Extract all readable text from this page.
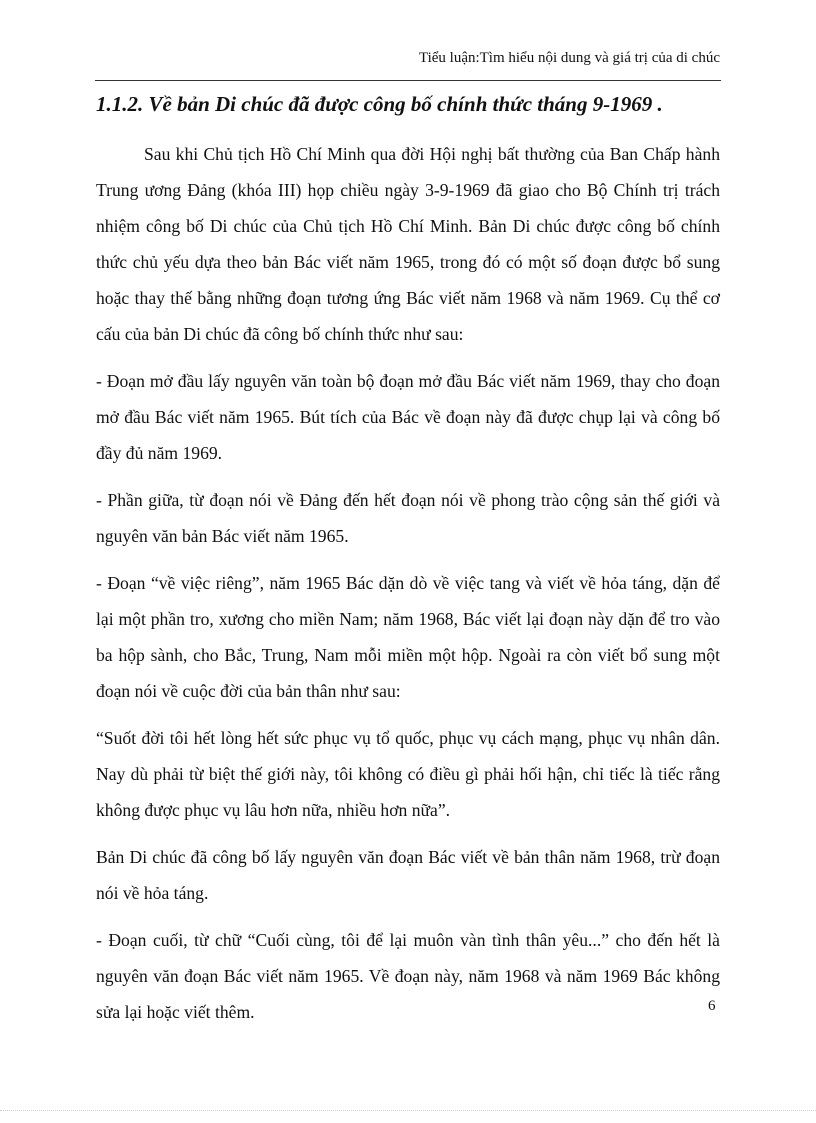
Tiểu luận:Tìm hiểu nội dung và giá trị của di chúc
1.1.2. Về bản Di chúc đã được công bố chính thức tháng 9-1969 .

Sau khi Chủ tịch Hồ Chí Minh qua đời Hội nghị bất thường của Ban Chấp hành Trung ương Đảng (khóa III) họp chiều ngày 3-9-1969 đã giao cho Bộ Chính trị trách nhiệm công bố Di chúc của Chủ tịch Hồ Chí Minh. Bản Di chúc được công bố chính thức chủ yếu dựa theo bản Bác viết năm 1965, trong đó có một số đoạn được bổ sung hoặc thay thế bằng những đoạn tương ứng Bác viết năm 1968 và năm 1969. Cụ thể cơ cấu của bản Di chúc đã công bố chính thức như sau:

- Đoạn mở đầu lấy nguyên văn toàn bộ đoạn mở đầu Bác viết năm 1969, thay cho đoạn mở đầu Bác viết năm 1965. Bút tích của Bác về đoạn này đã được chụp lại và công bố đầy đủ năm 1969.

- Phần giữa, từ đoạn nói về Đảng đến hết đoạn nói về phong trào cộng sản thế giới và nguyên văn bản Bác viết năm 1965.

- Đoạn “về việc riêng”, năm 1965 Bác dặn dò về việc tang và viết về hỏa táng, dặn để lại một phần tro, xương cho miền Nam; năm 1968, Bác viết lại đoạn này dặn để tro vào ba hộp sành, cho Bắc, Trung, Nam mỗi miền một hộp. Ngoài ra còn viết bổ sung một đoạn nói về cuộc đời của bản thân như sau:

“Suốt đời tôi hết lòng hết sức phục vụ tổ quốc, phục vụ cách mạng, phục vụ nhân dân. Nay dù phải từ biệt thế giới này, tôi không có điều gì phải hối hận, chỉ tiếc là tiếc rằng không được phục vụ lâu hơn nữa, nhiều hơn nữa”.

Bản Di chúc đã công bố lấy nguyên văn đoạn Bác viết về bản thân năm 1968, trừ đoạn nói về hỏa táng.

- Đoạn cuối, từ chữ “Cuối cùng, tôi để lại muôn vàn tình thân yêu...” cho đến hết là nguyên văn đoạn Bác viết năm 1965. Về đoạn này, năm 1968 và năm 1969 Bác không sửa lại hoặc viết thêm.	6
